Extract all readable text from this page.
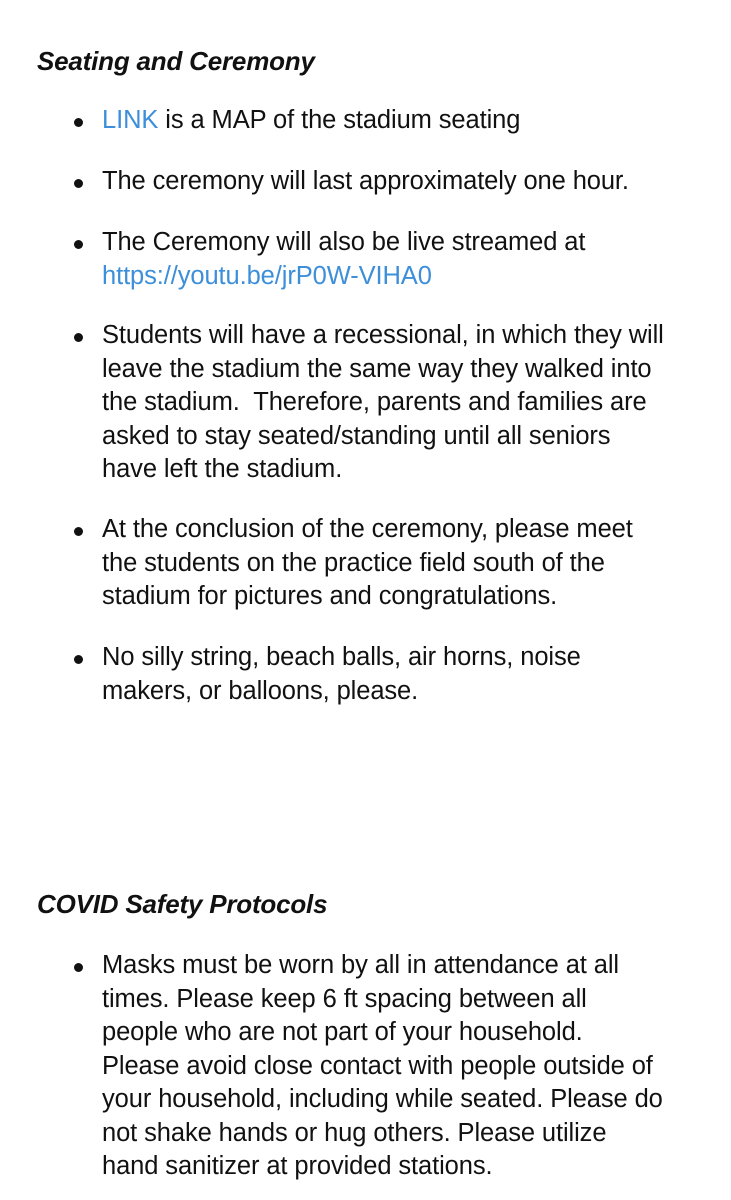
Seating and Ceremony

LINK is a MAP of the stadium seating

The ceremony will last approximately one hour.

The Ceremony will also be live streamed at
https://youtu.be/jrP0W-VIHA0

Students will have a recessional, in which they will
leave the stadium the same way they walked into
the stadium.  Therefore, parents and families are
asked to stay seated/standing until all seniors
have left the stadium.

At the conclusion of the ceremony, please meet
the students on the practice field south of the
stadium for pictures and congratulations.

No silly string, beach balls, air horns, noise
makers, or balloons, please.

COVID Safety Protocols

Masks must be worn by all in attendance at all
times. Please keep 6 ft spacing between all
people who are not part of your household.
Please avoid close contact with people outside of
your household, including while seated. Please do
not shake hands or hug others. Please utilize
hand sanitizer at provided stations.
